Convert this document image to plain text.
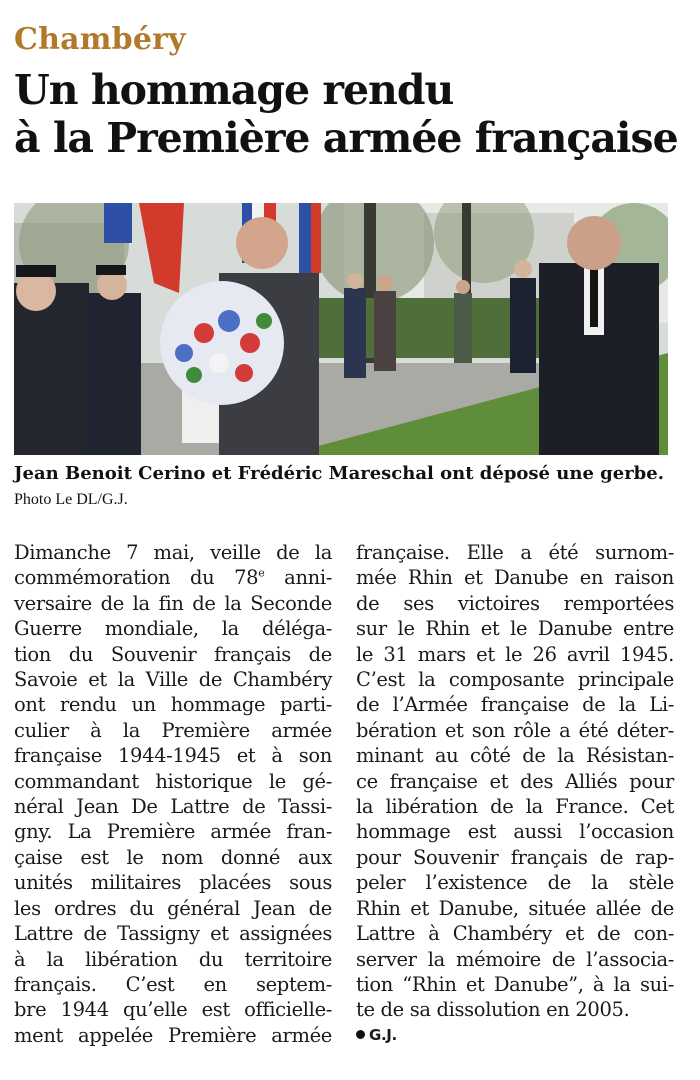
Chambéry
Un hommage rendu
à la Première armée française
Jean Benoit Cerino et Frédéric Mareschal ont déposé une gerbe. Photo Le DL/G.J.
Dimanche 7 mai, veille de la
commémoration du 78e anni-
versaire de la fin de la Seconde
Guerre mondiale, la déléga-
tion du Souvenir français de
Savoie et la Ville de Chambéry
ont rendu un hommage parti-
culier à la Première armée
française 1944-1945 et à son
commandant historique le gé-
néral Jean De Lattre de Tassi-
gny. La Première armée fran-
çaise est le nom donné aux
unités militaires placées sous
les ordres du général Jean de
Lattre de Tassigny et assignées
à la libération du territoire
français. C’est en septem-
bre 1944 qu’elle est officielle-
ment appelée Première armée
française. Elle a été surnom-
mée Rhin et Danube en raison
de ses victoires remportées
sur le Rhin et le Danube entre
le 31 mars et le 26 avril 1945.
C’est la composante principale
de l’Armée française de la Li-
bération et son rôle a été déter-
minant au côté de la Résistan-
ce française et des Alliés pour
la libération de la France. Cet
hommage est aussi l’occasion
pour Souvenir français de rap-
peler l’existence de la stèle
Rhin et Danube, située allée de
Lattre à Chambéry et de con-
server la mémoire de l’associa-
tion “Rhin et Danube”, à la sui-
te de sa dissolution en 2005.
G.J.
